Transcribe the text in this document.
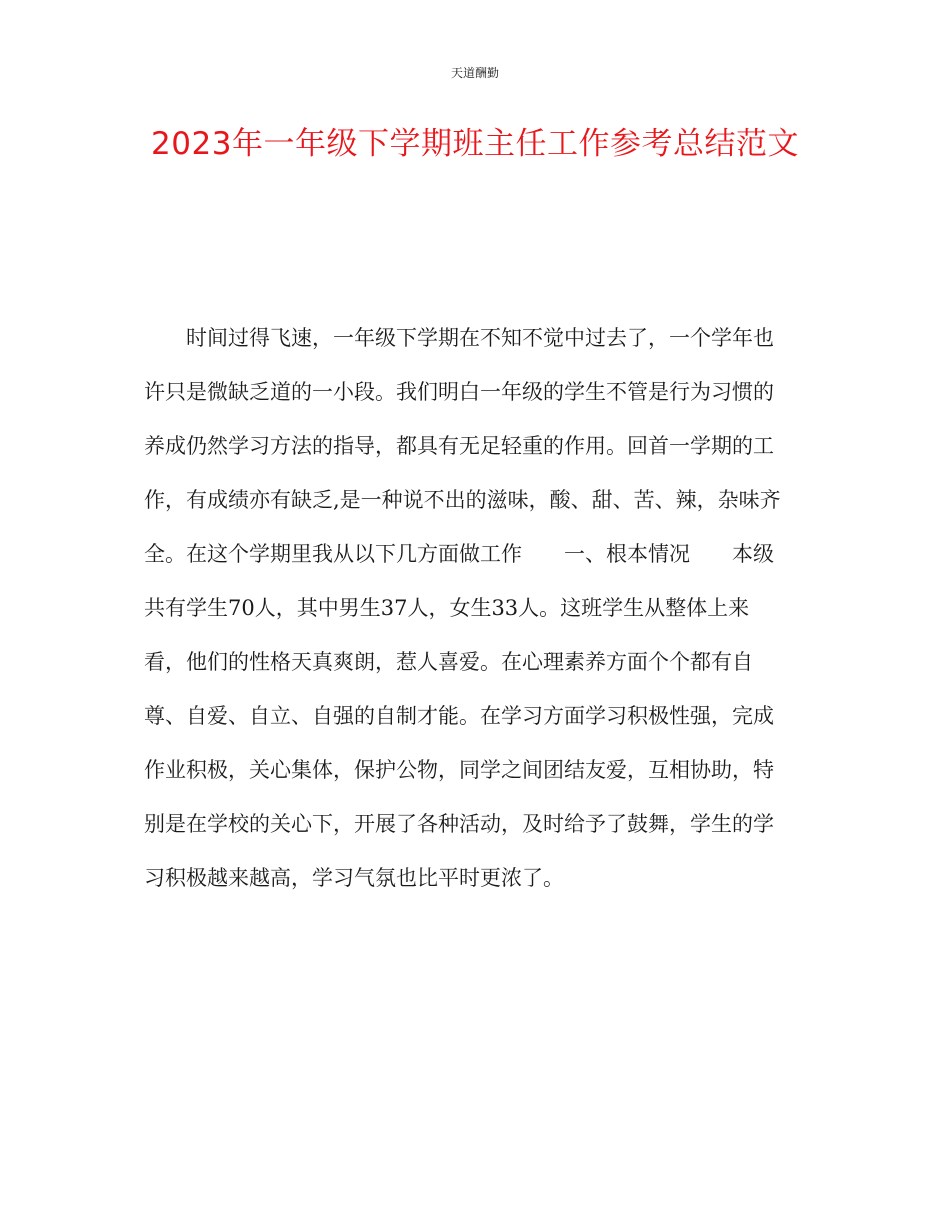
天道酬勤
2023年一年级下学期班主任工作参考总结范文
时间过得飞速，一年级下学期在不知不觉中过去了，一个学年也
许只是微缺乏道的一小段。我们明白一年级的学生不管是行为习惯的
养成仍然学习方法的指导，都具有无足轻重的作用。回首一学期的工
作，有成绩亦有缺乏,是一种说不出的滋味，酸、甜、苦、辣，杂味齐
全。在这个学期里我从以下几方面做工作　　一、根本情况　　本级
共有学生70人，其中男生37人，女生33人。这班学生从整体上来
看，他们的性格天真爽朗，惹人喜爱。在心理素养方面个个都有自
尊、自爱、自立、自强的自制才能。在学习方面学习积极性强，完成
作业积极，关心集体，保护公物，同学之间团结友爱，互相协助，特
别是在学校的关心下，开展了各种活动，及时给予了鼓舞，学生的学
习积极越来越高，学习气氛也比平时更浓了。
